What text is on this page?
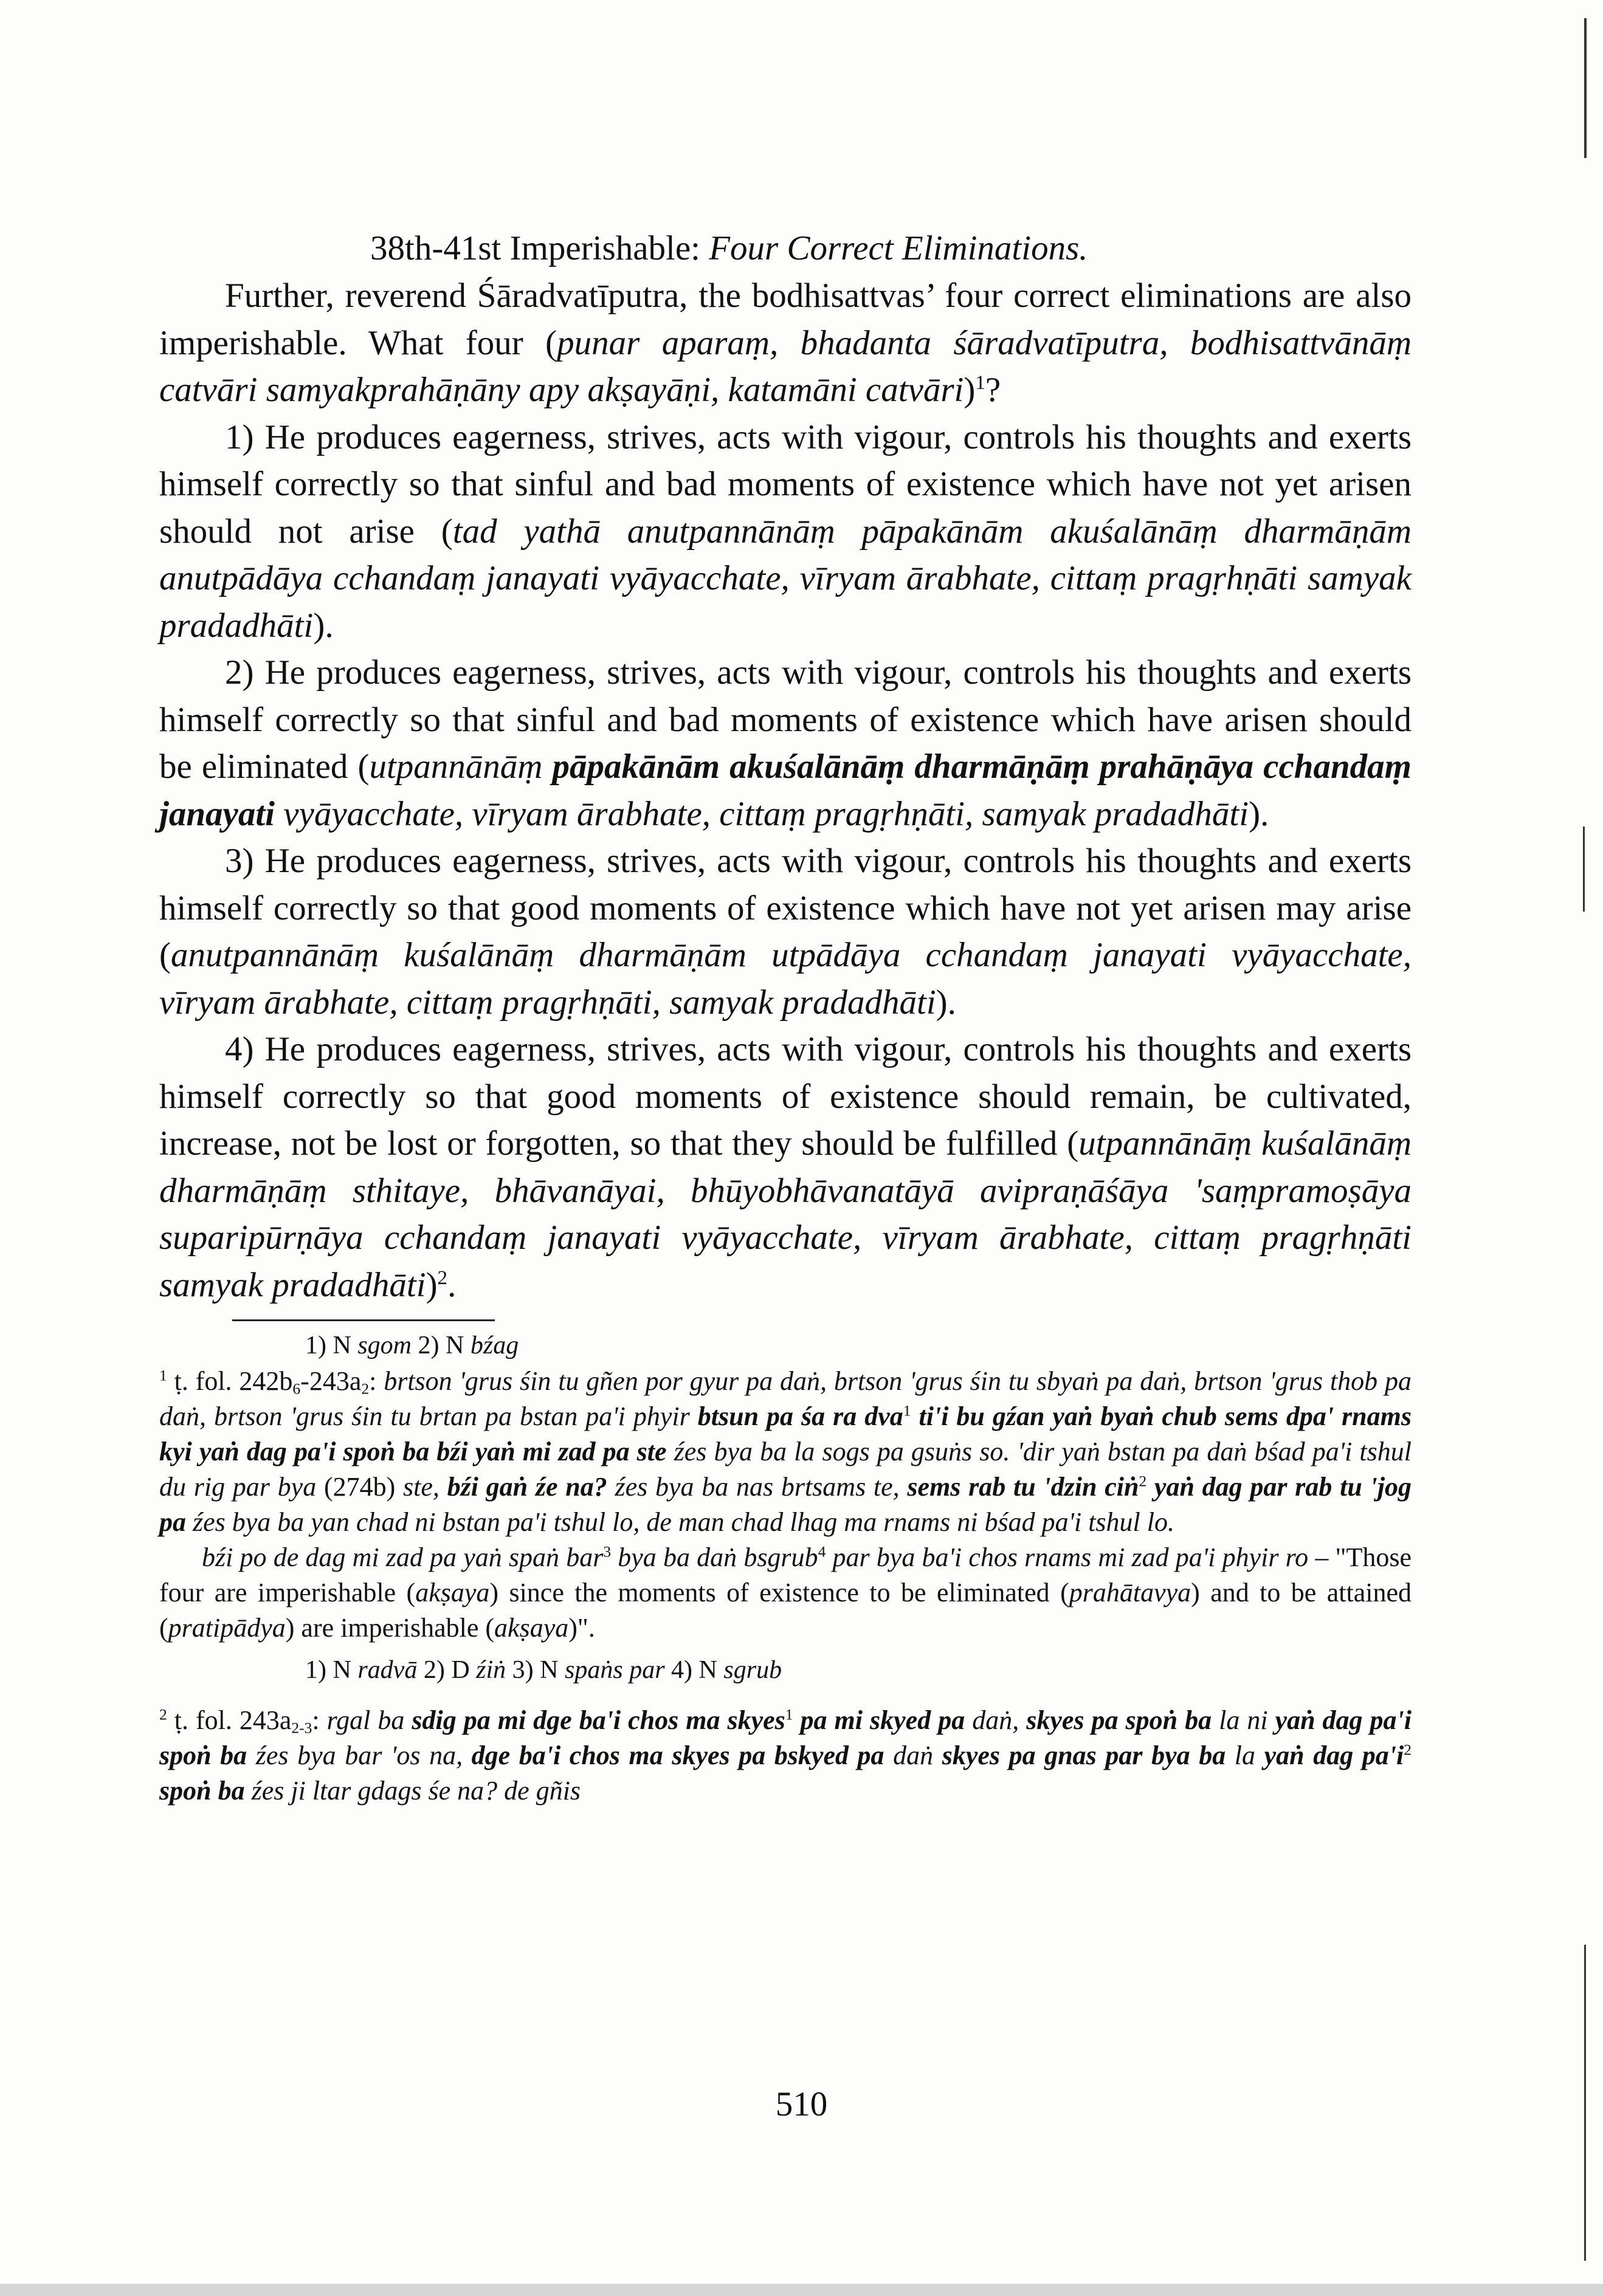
38th-41st Imperishable: Four Correct Eliminations.

Further, reverend Śāradvatīputra, the bodhisattvas’ four correct eliminations are also imperishable. What four (punar aparaṃ, bhadanta śāradvatīputra, bodhisattvānāṃ catvāri samyakprahāṇāny apy akṣayāṇi, katamāni catvāri)$^1$?

1) He produces eagerness, strives, acts with vigour, controls his thoughts and exerts himself correctly so that sinful and bad moments of existence which have not yet arisen should not arise (tad yathā anutpannānāṃ pāpakānām akuśalānāṃ dharmāṇām anutpādāya cchandaṃ janayati vyāyacchate, vīryam ārabhate, cittaṃ pragṛhṇāti samyak pradadhāti).

2) He produces eagerness, strives, acts with vigour, controls his thoughts and exerts himself correctly so that sinful and bad moments of existence which have arisen should be eliminated (utpannānāṃ pāpakānām akuśalānāṃ dharmāṇāṃ prahāṇāya cchandaṃ janayati vyāyacchate, vīryam ārabhate, cittaṃ pragṛhṇāti, samyak pradadhāti).

3) He produces eagerness, strives, acts with vigour, controls his thoughts and exerts himself correctly so that good moments of existence which have not yet arisen may arise (anutpannānāṃ kuśalānāṃ dharmāṇām utpādāya cchandaṃ janayati vyāyacchate, vīryam ārabhate, cittaṃ pragṛhṇāti, samyak pradadhāti).

4) He produces eagerness, strives, acts with vigour, controls his thoughts and exerts himself correctly so that good moments of existence should remain, be cultivated, increase, not be lost or forgotten, so that they should be fulfilled (utpannānāṃ kuśalānāṃ dharmāṇāṃ sthitaye, bhāvanāyai, bhūyobhāvanatāyā avipraṇāśāya 'saṃpramoṣāya suparipūrṇāya cchandaṃ janayati vyāyacchate, vīryam ārabhate, cittaṃ pragṛhṇāti samyak pradadhāti)$^2$.

1) N sgom 2) N bźag

$^1$ ṭ. fol. $242b_6-243a_2$: brtson 'grus śin tu gñen por gyur pa daṅ, brtson 'grus śin tu sbyaṅ pa daṅ, brtson 'grus thob pa daṅ, brtson 'grus śin tu brtan pa bstan pa'i phyir btsun pa śa ra dva$^1$ ti'i bu gźan yaṅ byaṅ chub sems dpa' rnams kyi yaṅ dag pa'i spoṅ ba bźi yaṅ mi zad pa ste źes bya ba la sogs pa gsuṅs so. 'dir yaṅ bstan pa daṅ bśad pa'i tshul du rig par bya (274b) ste, bźi gaṅ źe na? źes bya ba nas brtsams te, sems rab tu 'dzin ciṅ$^2$ yaṅ dag par rab tu 'jog pa źes bya ba yan chad ni bstan pa'i tshul lo, de man chad lhag ma rnams ni bśad pa'i tshul lo.

bźi po de dag mi zad pa yaṅ spaṅ bar$^3$ bya ba daṅ bsgrub$^4$ par bya ba'i chos rnams mi zad pa'i phyir ro – "Those four are imperishable (akṣaya) since the moments of existence to be eliminated (prahātavya) and to be attained (pratipādya) are imperishable (akṣaya)".

1) N radvā 2) D źiṅ 3) N spaṅs par 4) N sgrub

$^2$ ṭ. fol. $243a_{2-3}$: rgal ba sdig pa mi dge ba'i chos ma skyes$^1$ pa mi skyed pa daṅ, skyes pa spoṅ ba la ni yaṅ dag pa'i spoṅ ba źes bya bar 'os na, dge ba'i chos ma skyes pa bskyed pa daṅ skyes pa gnas par bya ba la yaṅ dag $pa'i^2$ spoṅ ba źes ji ltar gdags śe na? de gñis

510
